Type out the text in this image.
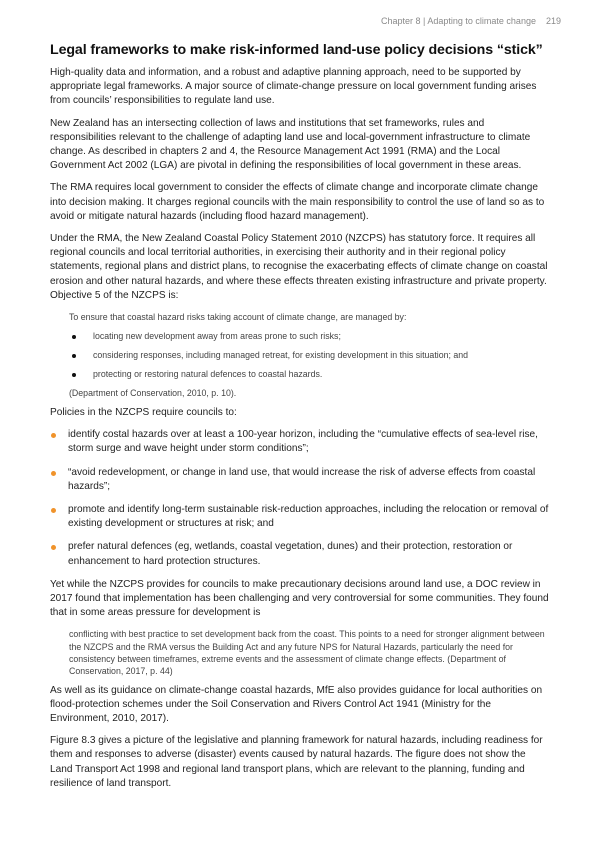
Chapter 8 | Adapting to climate change 219
Legal frameworks to make risk-informed land-use policy decisions “stick”

High-quality data and information, and a robust and adaptive planning approach, need to be supported by appropriate legal frameworks. A major source of climate-change pressure on local government funding arises from councils’ responsibilities to regulate land use.

New Zealand has an intersecting collection of laws and institutions that set frameworks, rules and responsibilities relevant to the challenge of adapting land use and local-government infrastructure to climate change. As described in chapters 2 and 4, the Resource Management Act 1991 (RMA) and the Local Government Act 2002 (LGA) are pivotal in defining the responsibilities of local government in these areas.

The RMA requires local government to consider the effects of climate change and incorporate climate change into decision making. It charges regional councils with the main responsibility to control the use of land so as to avoid or mitigate natural hazards (including flood hazard management).

Under the RMA, the New Zealand Coastal Policy Statement 2010 (NZCPS) has statutory force. It requires all regional councils and local territorial authorities, in exercising their authority and in their regional policy statements, regional plans and district plans, to recognise the exacerbating effects of climate change on coastal erosion and other natural hazards, and where these effects threaten existing infrastructure and private property. Objective 5 of the NZCPS is:

To ensure that coastal hazard risks taking account of climate change, are managed by:

locating new development away from areas prone to such risks;
considering responses, including managed retreat, for existing development in this situation; and
protecting or restoring natural defences to coastal hazards.

(Department of Conservation, 2010, p. 10).

Policies in the NZCPS require councils to:

identify costal hazards over at least a 100-year horizon, including the “cumulative effects of sea-level rise, storm surge and wave height under storm conditions”;
“avoid redevelopment, or change in land use, that would increase the risk of adverse effects from coastal hazards”;
promote and identify long-term sustainable risk-reduction approaches, including the relocation or removal of existing development or structures at risk; and
prefer natural defences (eg, wetlands, coastal vegetation, dunes) and their protection, restoration or enhancement to hard protection structures.

Yet while the NZCPS provides for councils to make precautionary decisions around land use, a DOC review in 2017 found that implementation has been challenging and very controversial for some communities. They found that in some areas pressure for development is

conflicting with best practice to set development back from the coast. This points to a need for stronger alignment between the NZCPS and the RMA versus the Building Act and any future NPS for Natural Hazards, particularly the need for consistency between timeframes, extreme events and the assessment of climate change effects. (Department of Conservation, 2017, p. 44)

As well as its guidance on climate-change coastal hazards, MfE also provides guidance for local authorities on flood-protection schemes under the Soil Conservation and Rivers Control Act 1941 (Ministry for the Environment, 2010, 2017).

Figure 8.3 gives a picture of the legislative and planning framework for natural hazards, including readiness for them and responses to adverse (disaster) events caused by natural hazards. The figure does not show the Land Transport Act 1998 and regional land transport plans, which are relevant to the planning, funding and resilience of land transport.
